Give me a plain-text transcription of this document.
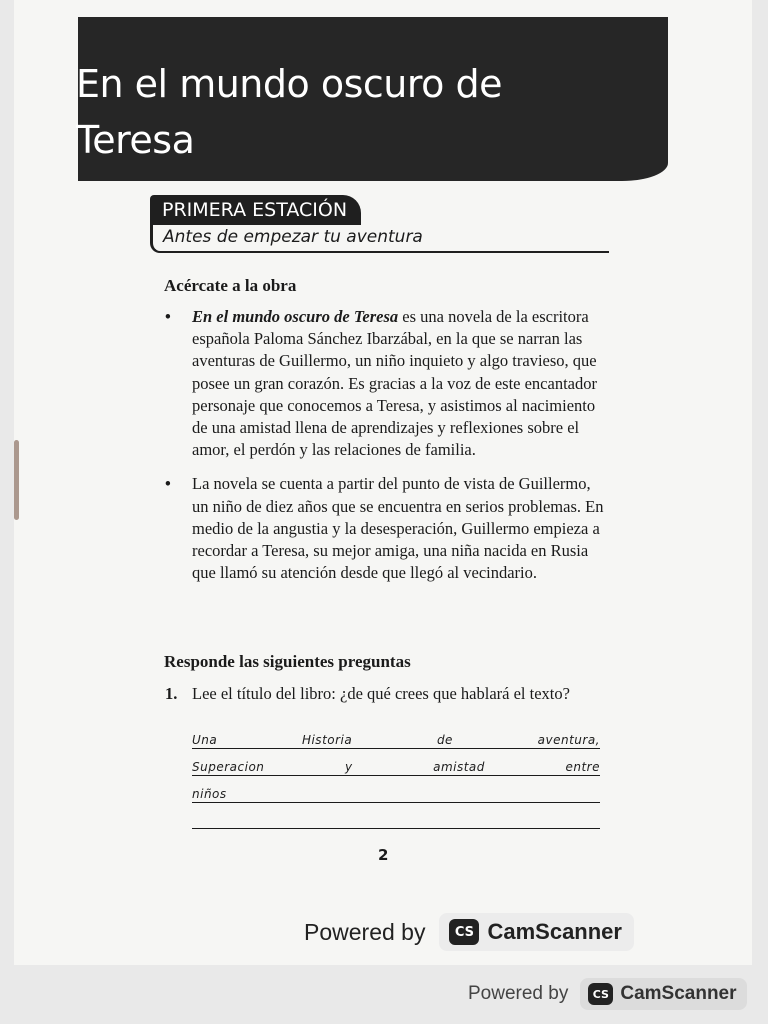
En el mundo oscuro de Teresa
PRIMERA ESTACIÓN
Antes de empezar tu aventura
Acércate a la obra
• En el mundo oscuro de Teresa es una novela de la escritora española Paloma Sánchez Ibarzábal, en la que se narran las aventuras de Guillermo, un niño inquieto y algo travieso, que posee un gran corazón. Es gracias a la voz de este encantador personaje que conocemos a Teresa, y asistimos al nacimiento de una amistad llena de aprendizajes y reflexiones sobre el amor, el perdón y las relaciones de familia.
• La novela se cuenta a partir del punto de vista de Guillermo, un niño de diez años que se encuentra en serios problemas. En medio de la angustia y la desesperación, Guillermo empieza a recordar a Teresa, su mejor amiga, una niña nacida en Rusia que llamó su atención desde que llegó al vecindario.
Responde las siguientes preguntas
1. Lee el título del libro: ¿de qué crees que hablará el texto?
Una	Historia	de	aventura,
Superacion	y	amistad	entre
niños
2
Powered by	CS CamScanner
Powered by	CS CamScanner
